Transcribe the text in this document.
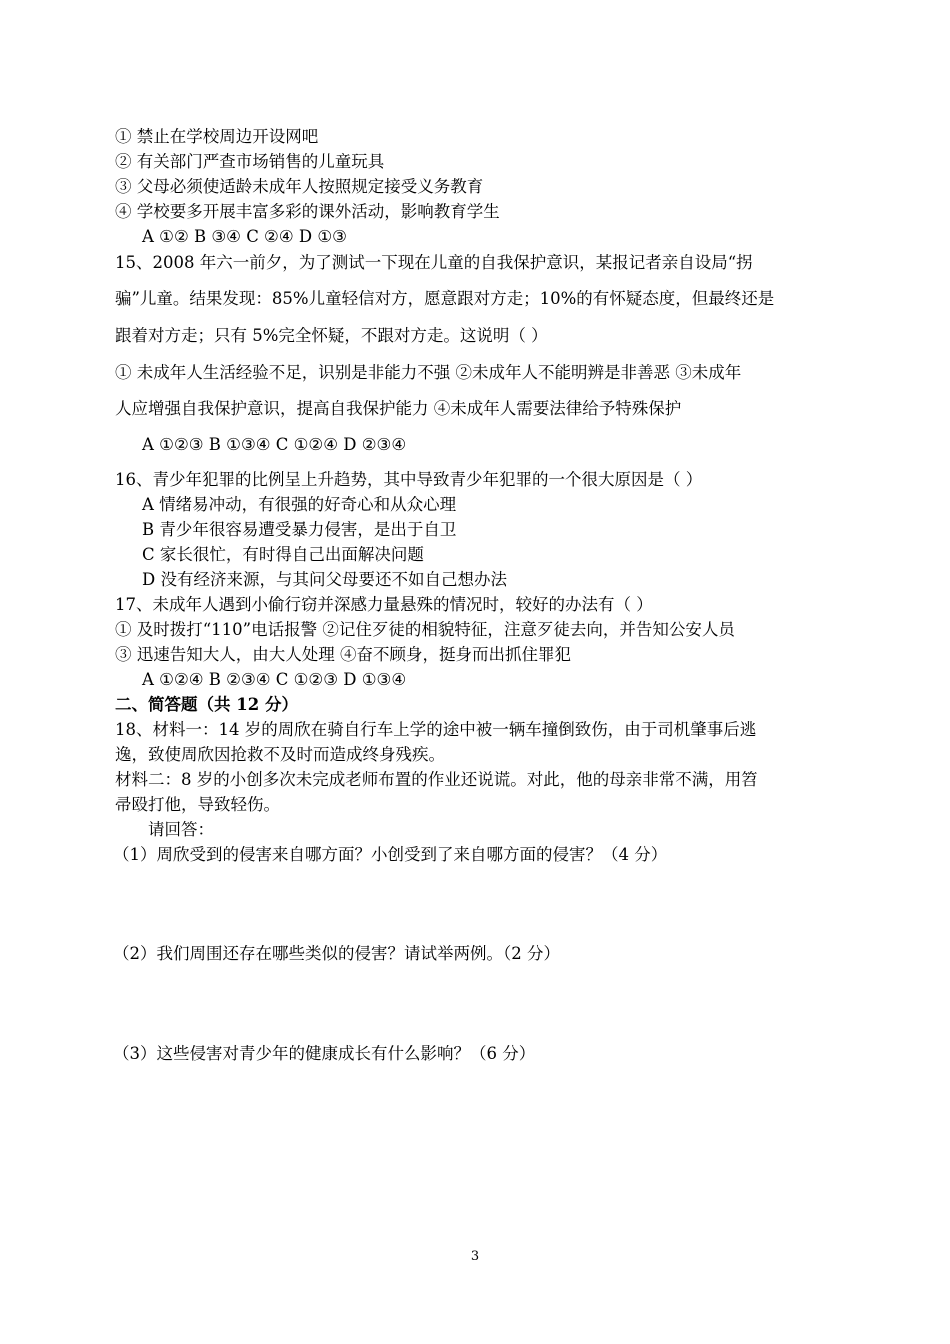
① 禁止在学校周边开设网吧
② 有关部门严查市场销售的儿童玩具
③ 父母必须使适龄未成年人按照规定接受义务教育
④ 学校要多开展丰富多彩的课外活动，影响教育学生
A ①② B ③④ C ②④ D ①③
15、2008 年六一前夕，为了测试一下现在儿童的自我保护意识，某报记者亲自设局“拐
骗”儿童。结果发现：85%儿童轻信对方，愿意跟对方走；10%的有怀疑态度，但最终还是
跟着对方走；只有 5%完全怀疑，不跟对方走。这说明（ ）
① 未成年人生活经验不足，识别是非能力不强 ②未成年人不能明辨是非善恶 ③未成年
人应增强自我保护意识，提高自我保护能力 ④未成年人需要法律给予特殊保护
A ①②③ B ①③④ C ①②④ D ②③④
16、青少年犯罪的比例呈上升趋势，其中导致青少年犯罪的一个很大原因是（ ）
A 情绪易冲动，有很强的好奇心和从众心理
B 青少年很容易遭受暴力侵害，是出于自卫
C 家长很忙，有时得自己出面解决问题
D 没有经济来源，与其问父母要还不如自己想办法
17、未成年人遇到小偷行窃并深感力量悬殊的情况时，较好的办法有（ ）
① 及时拨打“110”电话报警 ②记住歹徒的相貌特征，注意歹徒去向，并告知公安人员
③ 迅速告知大人，由大人处理 ④奋不顾身，挺身而出抓住罪犯
A ①②④ B ②③④ C ①②③ D ①③④
二、简答题（共 12 分）
18、材料一：14 岁的周欣在骑自行车上学的途中被一辆车撞倒致伤，由于司机肇事后逃
逸，致使周欣因抢救不及时而造成终身残疾。
材料二：8 岁的小创多次未完成老师布置的作业还说谎。对此，他的母亲非常不满，用笤
帚殴打他，导致轻伤。
请回答：
（1）周欣受到的侵害来自哪方面？小创受到了来自哪方面的侵害？（4 分）
（2）我们周围还存在哪些类似的侵害？请试举两例。（2 分）
（3）这些侵害对青少年的健康成长有什么影响？（6 分）
3
